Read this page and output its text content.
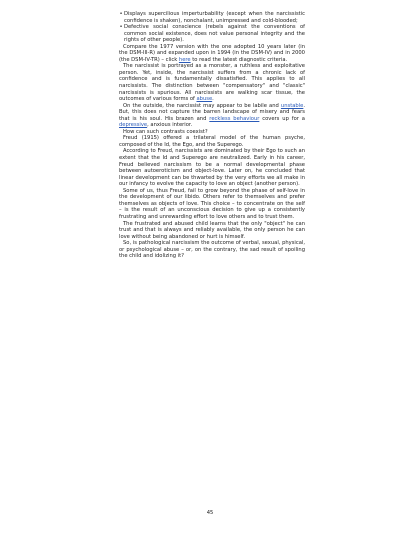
• Displays supercilious imperturbability (except when the narcissistic confidence is shaken), nonchalant, unimpressed and cold-blooded;
• Defective social conscience (rebels against the conventions of common social existence, does not value personal integrity and the rights of other people).

Compare the 1977 version with the one adopted 10 years later (in the DSM-III-R) and expanded upon in 1994 (in the DSM-IV) and in 2000 (the DSM-IV-TR) – click here to read the latest diagnostic criteria.

The narcissist is portrayed as a monster, a ruthless and exploitative person. Yet, inside, the narcissist suffers from a chronic lack of confidence and is fundamentally dissatisfied. This applies to all narcissists. The distinction between "compensatory" and "classic" narcissists is spurious. All narcissists are walking scar tissue, the outcomes of various forms of abuse.

On the outside, the narcissist may appear to be labile and unstable. But, this does not capture the barren landscape of misery and fears that is his soul. His brazen and reckless behaviour covers up for a depressive, anxious interior.

How can such contrasts coexist?

Freud (1915) offered a trilateral model of the human psyche, composed of the Id, the Ego, and the Superego.

According to Freud, narcissists are dominated by their Ego to such an extent that the Id and Superego are neutralized. Early in his career, Freud believed narcissism to be a normal developmental phase between autoeroticism and object-love. Later on, he concluded that linear development can be thwarted by the very efforts we all make in our infancy to evolve the capacity to love an object (another person).

Some of us, thus Freud, fail to grow beyond the phase of self-love in the development of our libido. Others refer to themselves and prefer themselves as objects of love. This choice – to concentrate on the self – is the result of an unconscious decision to give up a consistently frustrating and unrewarding effort to love others and to trust them.

The frustrated and abused child learns that the only "object" he can trust and that is always and reliably available, the only person he can love without being abandoned or hurt is himself.

So, is pathological narcissism the outcome of verbal, sexual, physical, or psychological abuse – or, on the contrary, the sad result of spoiling the child and idolizing it?

45
